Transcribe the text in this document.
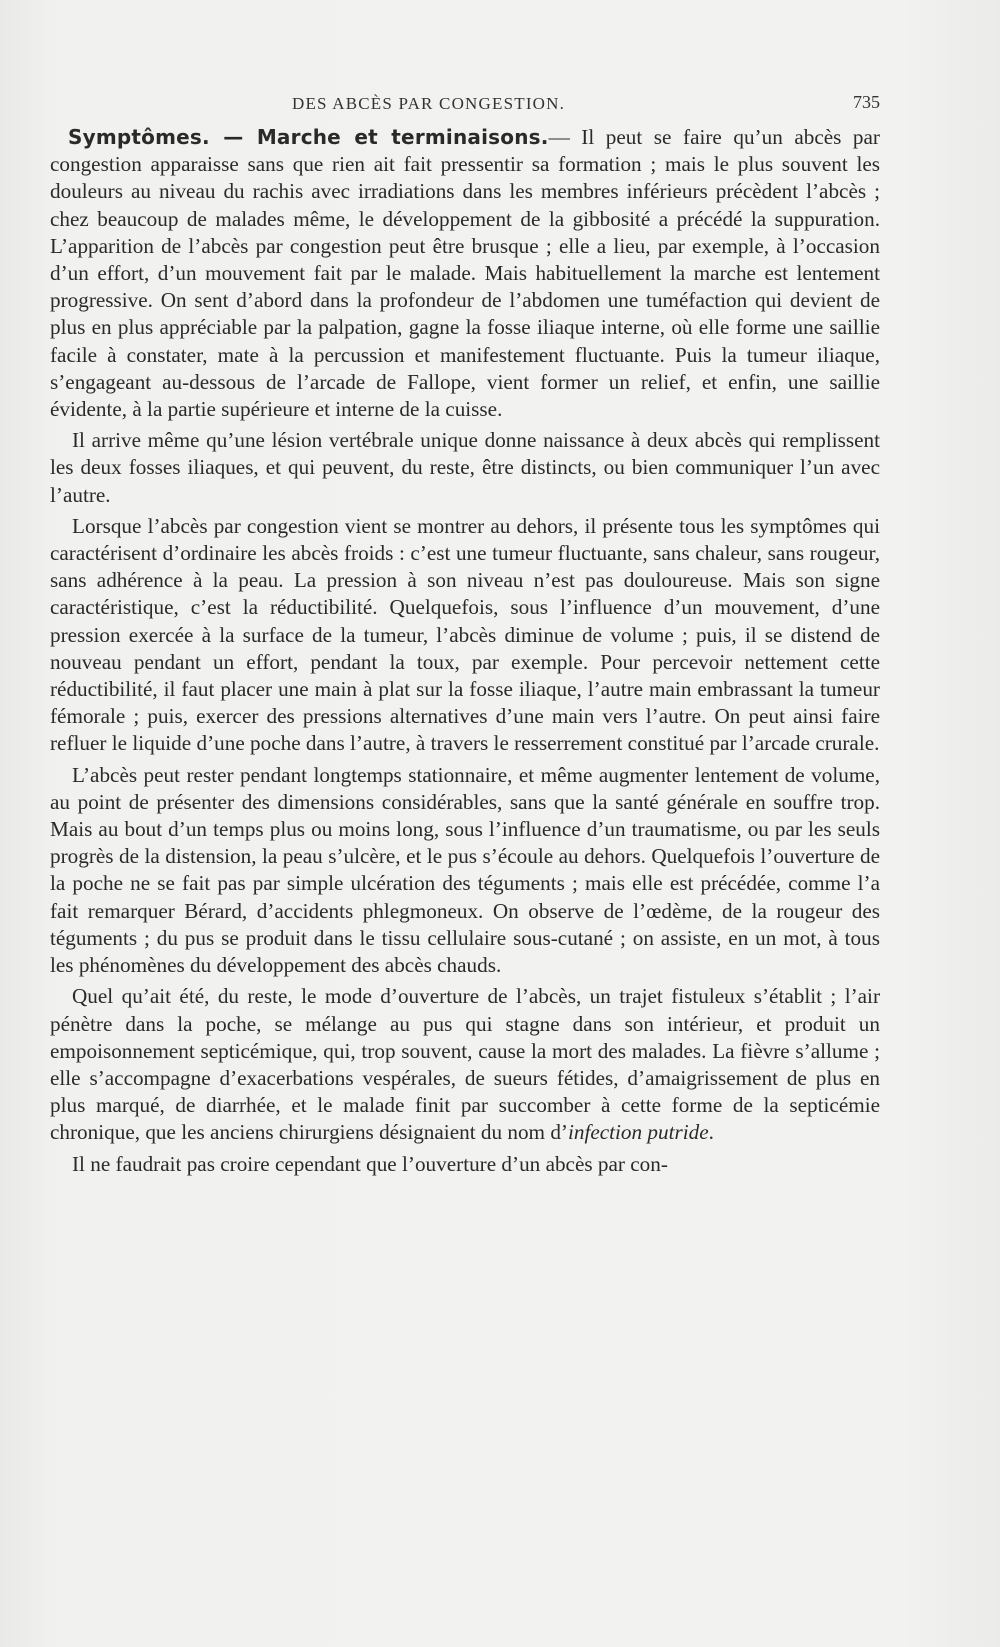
DES ABCÈS PAR CONGESTION.	735

Symptômes. — Marche et terminaisons.— Il peut se faire qu’un abcès par congestion apparaisse sans que rien ait fait pressentir sa formation ; mais le plus souvent les douleurs au niveau du rachis avec irradiations dans les membres inférieurs précèdent l’abcès ; chez beaucoup de malades même, le développement de la gibbosité a précédé la suppuration. L’apparition de l’abcès par congestion peut être brusque ; elle a lieu, par exemple, à l’occasion d’un effort, d’un mouvement fait par le malade. Mais habituellement la marche est lentement progressive. On sent d’abord dans la profondeur de l’abdomen une tuméfaction qui devient de plus en plus appréciable par la palpation, gagne la fosse iliaque interne, où elle forme une saillie facile à constater, mate à la percussion et manifestement fluctuante. Puis la tumeur iliaque, s’engageant au-dessous de l’arcade de Fallope, vient former un relief, et enfin, une saillie évidente, à la partie supérieure et interne de la cuisse.

Il arrive même qu’une lésion vertébrale unique donne naissance à deux abcès qui remplissent les deux fosses iliaques, et qui peuvent, du reste, être distincts, ou bien communiquer l’un avec l’autre.

Lorsque l’abcès par congestion vient se montrer au dehors, il présente tous les symptômes qui caractérisent d’ordinaire les abcès froids : c’est une tumeur fluctuante, sans chaleur, sans rougeur, sans adhérence à la peau. La pression à son niveau n’est pas douloureuse. Mais son signe caractéristique, c’est la réductibilité. Quelquefois, sous l’influence d’un mouvement, d’une pression exercée à la surface de la tumeur, l’abcès diminue de volume ; puis, il se distend de nouveau pendant un effort, pendant la toux, par exemple. Pour percevoir nettement cette réductibilité, il faut placer une main à plat sur la fosse iliaque, l’autre main embrassant la tumeur fémorale ; puis, exercer des pressions alternatives d’une main vers l’autre. On peut ainsi faire refluer le liquide d’une poche dans l’autre, à travers le resserrement constitué par l’arcade crurale.

L’abcès peut rester pendant longtemps stationnaire, et même augmenter lentement de volume, au point de présenter des dimensions considérables, sans que la santé générale en souffre trop. Mais au bout d’un temps plus ou moins long, sous l’influence d’un traumatisme, ou par les seuls progrès de la distension, la peau s’ulcère, et le pus s’écoule au dehors. Quelquefois l’ouverture de la poche ne se fait pas par simple ulcération des téguments ; mais elle est précédée, comme l’a fait remarquer Bérard, d’accidents phlegmoneux. On observe de l’œdème, de la rougeur des téguments ; du pus se produit dans le tissu cellulaire sous-cutané ; on assiste, en un mot, à tous les phénomènes du développement des abcès chauds.

Quel qu’ait été, du reste, le mode d’ouverture de l’abcès, un trajet fistuleux s’établit ; l’air pénètre dans la poche, se mélange au pus qui stagne dans son intérieur, et produit un empoisonnement septicémique, qui, trop souvent, cause la mort des malades. La fièvre s’allume ; elle s’accompagne d’exacerbations vespérales, de sueurs fétides, d’amaigrissement de plus en plus marqué, de diarrhée, et le malade finit par succomber à cette forme de la septicémie chronique, que les anciens chirurgiens désignaient du nom d’infection putride.

Il ne faudrait pas croire cependant que l’ouverture d’un abcès par con-
